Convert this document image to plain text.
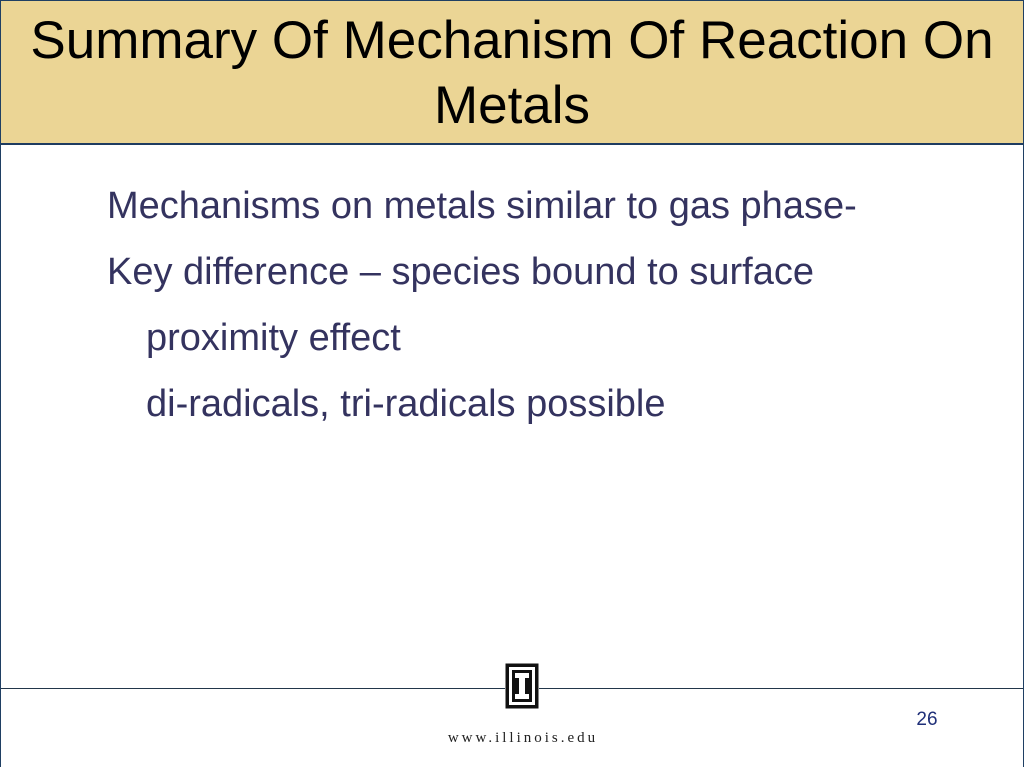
Summary Of Mechanism Of Reaction On Metals

Mechanisms on metals similar to gas phase-

Key difference – species bound to surface

proximity effect

di-radicals, tri-radicals possible

www.illinois.edu
26
